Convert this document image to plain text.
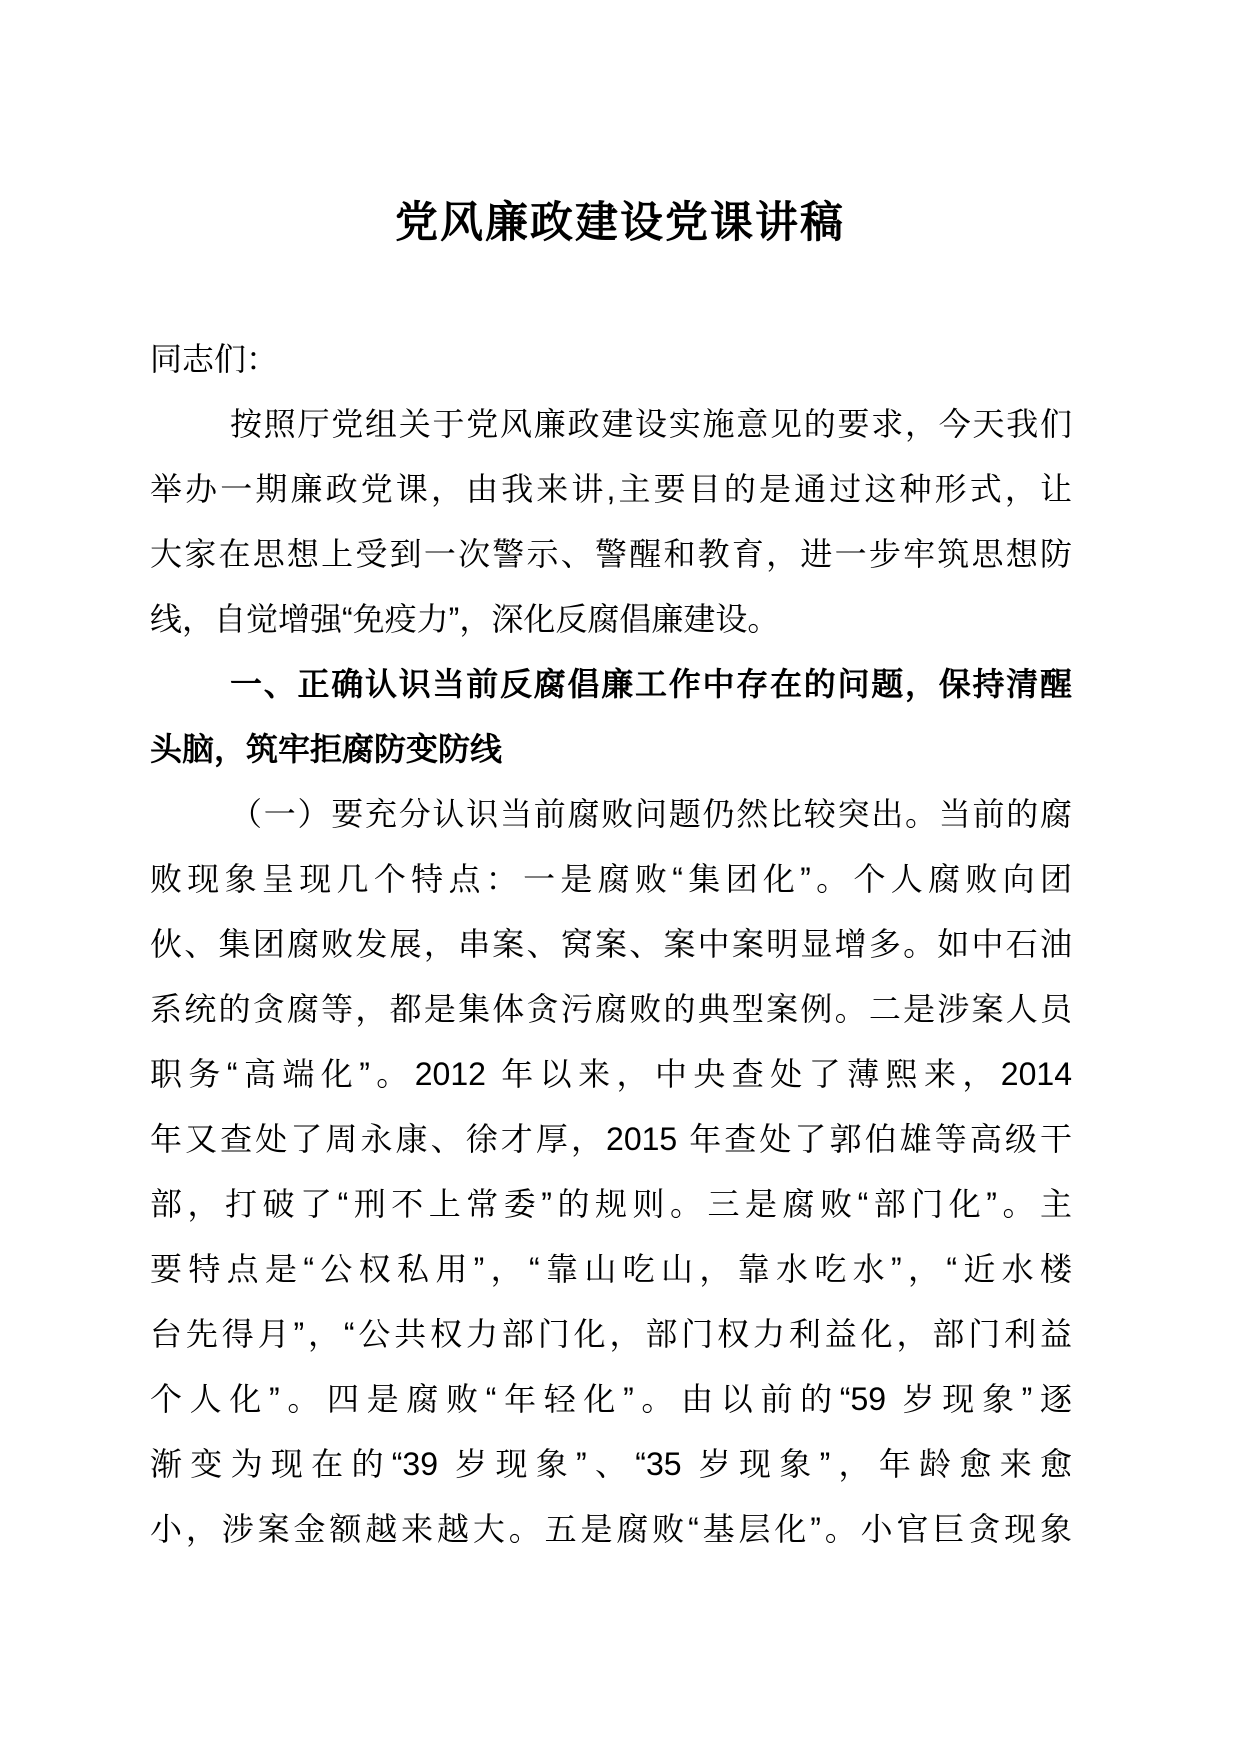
党风廉政建设党课讲稿
同志们：
按照厅党组关于党风廉政建设实施意见的要求，今天我们
举办一期廉政党课，由我来讲,主要目的是通过这种形式，让
大家在思想上受到一次警示、警醒和教育，进一步牢筑思想防
线，自觉增强“免疫力”，深化反腐倡廉建设。
一、正确认识当前反腐倡廉工作中存在的问题，保持清醒
头脑，筑牢拒腐防变防线
（一）要充分认识当前腐败问题仍然比较突出。当前的腐
败现象呈现几个特点：一是腐败“集团化”。个人腐败向团
伙、集团腐败发展，串案、窝案、案中案明显增多。如中石油
系统的贪腐等，都是集体贪污腐败的典型案例。二是涉案人员
职务“高端化”。2012 年以来，中央查处了薄熙来，2014
年又查处了周永康、徐才厚，2015 年查处了郭伯雄等高级干
部，打破了“刑不上常委”的规则。三是腐败“部门化”。主
要特点是“公权私用”，“靠山吃山，靠水吃水”，“近水楼
台先得月”，“公共权力部门化，部门权力利益化，部门利益
个人化”。四是腐败“年轻化”。由以前的“59 岁现象”逐
渐变为现在的“39 岁现象”、“35 岁现象”，年龄愈来愈
小，涉案金额越来越大。五是腐败“基层化”。小官巨贪现象
